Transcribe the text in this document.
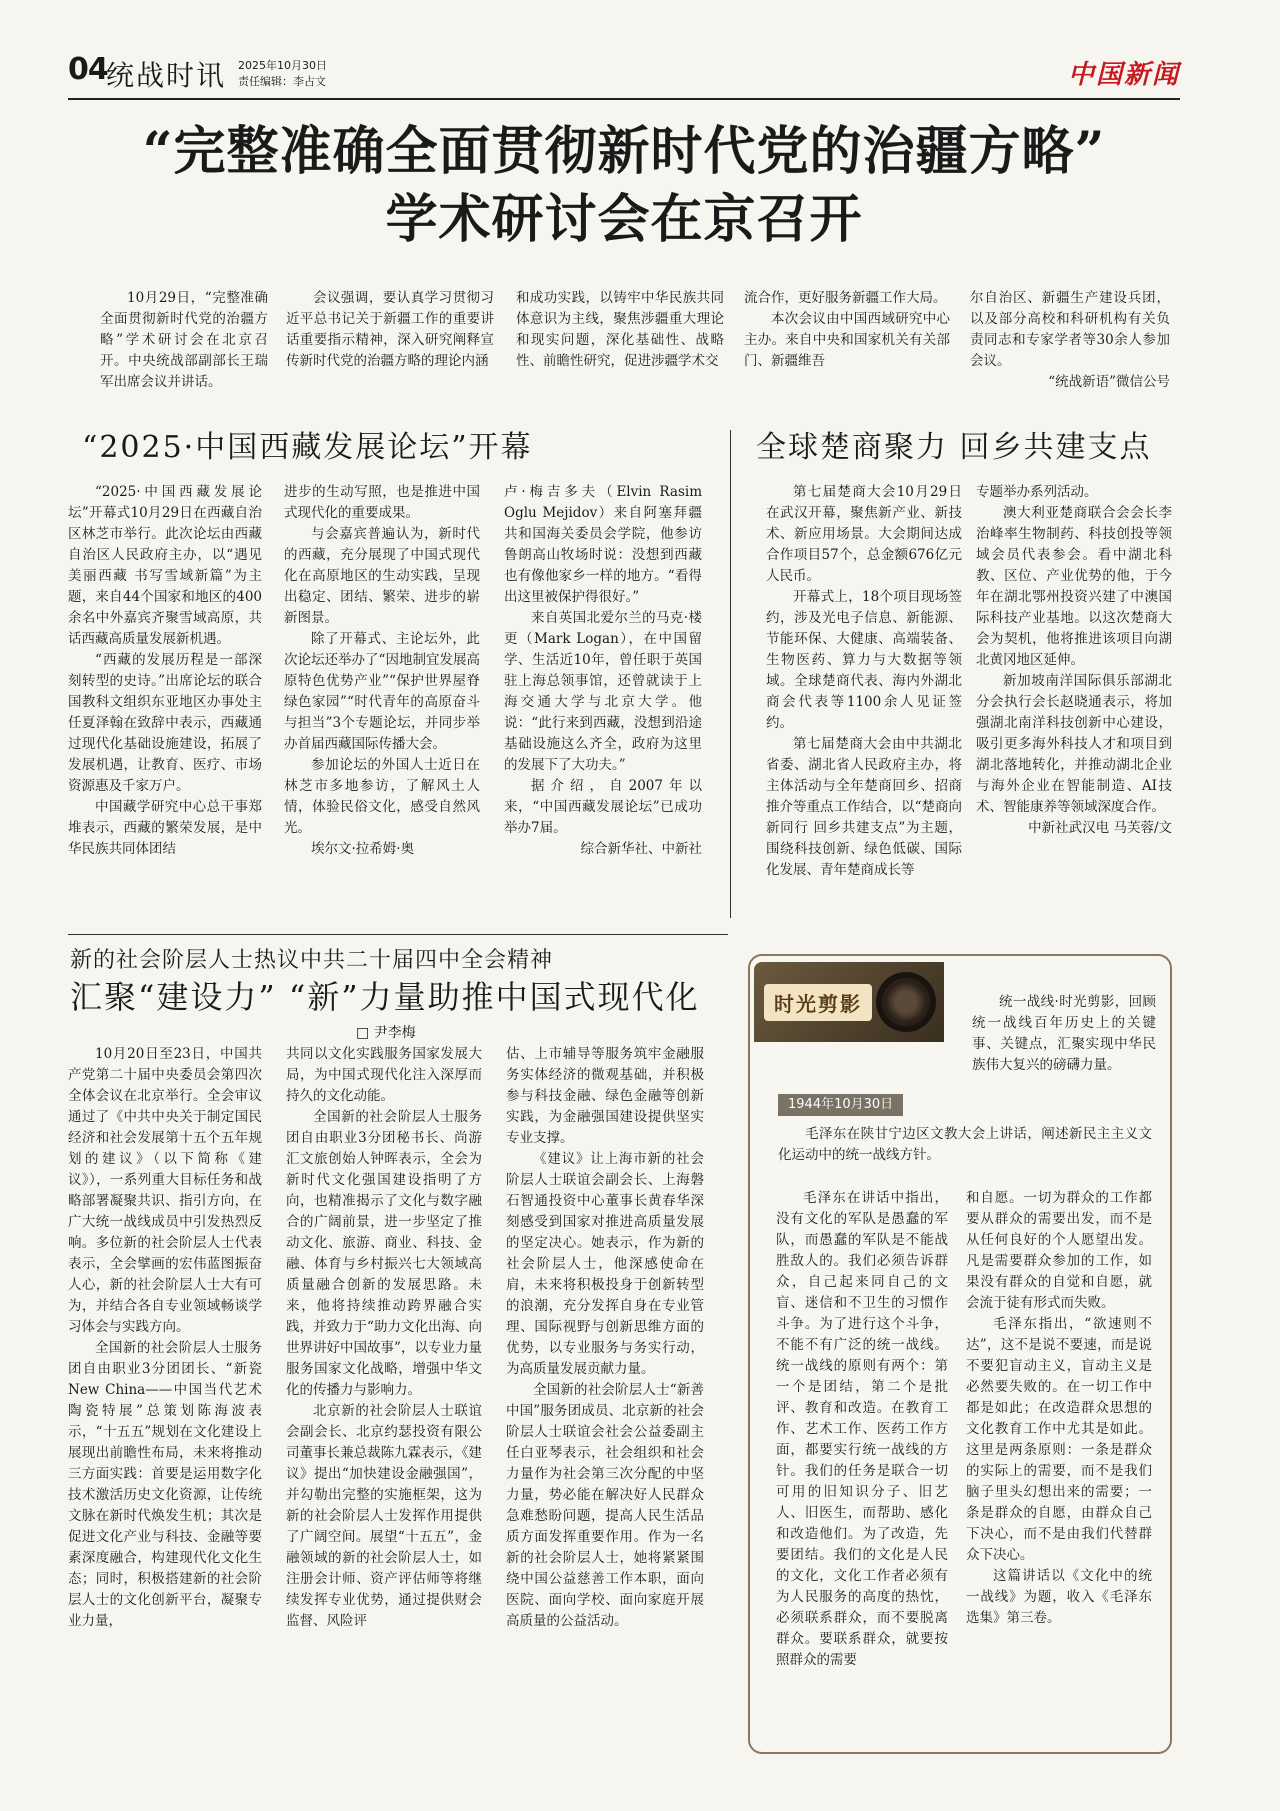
04
统战时讯 2025年10月30日
责任编辑：李占文	中国新闻
“完整准确全面贯彻新时代党的治疆方略”
学术研讨会在京召开

10月29日，“完整准确全面贯彻新时代党的治疆方略”学术研讨会在北京召开。中央统战部副部长王瑞军出席会议并讲话。

会议强调，要认真学习贯彻习近平总书记关于新疆工作的重要讲话重要指示精神，深入研究阐释宣传新时代党的治疆方略的理论内涵

和成功实践，以铸牢中华民族共同体意识为主线，聚焦涉疆重大理论和现实问题，深化基础性、战略性、前瞻性研究，促进涉疆学术交

流合作，更好服务新疆工作大局。

本次会议由中国西域研究中心主办。来自中央和国家机关有关部门、新疆维吾

尔自治区、新疆生产建设兵团，以及部分高校和科研机构有关负责同志和专家学者等30余人参加会议。

“统战新语”微信公号

“2025·中国西藏发展论坛”开幕

“2025·中国西藏发展论坛”开幕式10月29日在西藏自治区林芝市举行。此次论坛由西藏自治区人民政府主办，以“遇见美丽西藏 书写雪域新篇”为主题，来自44个国家和地区的400余名中外嘉宾齐聚雪域高原，共话西藏高质量发展新机遇。

“西藏的发展历程是一部深刻转型的史诗。”出席论坛的联合国教科文组织东亚地区办事处主任夏泽翰在致辞中表示，西藏通过现代化基础设施建设，拓展了发展机遇，让教育、医疗、市场资源惠及千家万户。

中国藏学研究中心总干事郑堆表示，西藏的繁荣发展，是中华民族共同体团结

进步的生动写照，也是推进中国式现代化的重要成果。

与会嘉宾普遍认为，新时代的西藏，充分展现了中国式现代化在高原地区的生动实践，呈现出稳定、团结、繁荣、进步的崭新图景。

除了开幕式、主论坛外，此次论坛还举办了“因地制宜发展高原特色优势产业”“保护世界屋脊绿色家园”“时代青年的高原奋斗与担当”3个专题论坛，并同步举办首届西藏国际传播大会。

参加论坛的外国人士近日在林芝市多地参访，了解风土人情，体验民俗文化，感受自然风光。

埃尔文·拉希姆·奥

卢·梅吉多夫（Elvin Rasim Oglu Mejidov）来自阿塞拜疆共和国海关委员会学院，他参访鲁朗高山牧场时说：没想到西藏也有像他家乡一样的地方。“看得出这里被保护得很好。”

来自英国北爱尔兰的马克·楼更（Mark Logan），在中国留学、生活近10年，曾任职于英国驻上海总领事馆，还曾就读于上海交通大学与北京大学。他说：“此行来到西藏，没想到沿途基础设施这么齐全，政府为这里的发展下了大功夫。”

据介绍，自2007年以来，“中国西藏发展论坛”已成功举办7届。

综合新华社、中新社

全球楚商聚力 回乡共建支点

第七届楚商大会10月29日在武汉开幕，聚焦新产业、新技术、新应用场景。大会期间达成合作项目57个，总金额676亿元人民币。

开幕式上，18个项目现场签约，涉及光电子信息、新能源、节能环保、大健康、高端装备、生物医药、算力与大数据等领域。全球楚商代表、海内外湖北商会代表等1100余人见证签约。

第七届楚商大会由中共湖北省委、湖北省人民政府主办，将主体活动与全年楚商回乡、招商推介等重点工作结合，以“楚商向新同行 回乡共建支点”为主题，围绕科技创新、绿色低碳、国际化发展、青年楚商成长等

专题举办系列活动。

澳大利亚楚商联合会会长李治峰率生物制药、科技创投等领域会员代表参会。看中湖北科教、区位、产业优势的他，于今年在湖北鄂州投资兴建了中澳国际科技产业基地。以这次楚商大会为契机，他将推进该项目向湖北黄冈地区延伸。

新加坡南洋国际俱乐部湖北分会执行会长赵晓通表示，将加强湖北南洋科技创新中心建设，吸引更多海外科技人才和项目到湖北落地转化，并推动湖北企业与海外企业在智能制造、AI技术、智能康养等领域深度合作。

中新社武汉电 马芙蓉/文

新的社会阶层人士热议中共二十届四中全会精神
汇聚“建设力” “新”力量助推中国式现代化
□ 尹李梅

10月20日至23日，中国共产党第二十届中央委员会第四次全体会议在北京举行。全会审议通过了《中共中央关于制定国民经济和社会发展第十五个五年规划的建议》（以下简称《建议》），一系列重大目标任务和战略部署凝聚共识、指引方向，在广大统一战线成员中引发热烈反响。多位新的社会阶层人士代表表示，全会擘画的宏伟蓝图振奋人心，新的社会阶层人士大有可为，并结合各自专业领域畅谈学习体会与实践方向。

全国新的社会阶层人士服务团自由职业3分团团长、“新瓷New China——中国当代艺术陶瓷特展”总策划陈海波表示，“十五五”规划在文化建设上展现出前瞻性布局，未来将推动三方面实践：首要是运用数字化技术激活历史文化资源，让传统文脉在新时代焕发生机；其次是促进文化产业与科技、金融等要素深度融合，构建现代化文化生态；同时，积极搭建新的社会阶层人士的文化创新平台，凝聚专业力量，

共同以文化实践服务国家发展大局，为中国式现代化注入深厚而持久的文化动能。

全国新的社会阶层人士服务团自由职业3分团秘书长、尚游汇文旅创始人钟晖表示，全会为新时代文化强国建设指明了方向，也精准揭示了文化与数字融合的广阔前景，进一步坚定了推动文化、旅游、商业、科技、金融、体育与乡村振兴七大领域高质量融合创新的发展思路。未来，他将持续推动跨界融合实践，并致力于“助力文化出海、向世界讲好中国故事”，以专业力量服务国家文化战略，增强中华文化的传播力与影响力。

北京新的社会阶层人士联谊会副会长、北京约瑟投资有限公司董事长兼总裁陈九霖表示，《建议》提出“加快建设金融强国”，并勾勒出完整的实施框架，这为新的社会阶层人士发挥作用提供了广阔空间。展望“十五五”，金融领域的新的社会阶层人士，如注册会计师、资产评估师等将继续发挥专业优势，通过提供财会监督、风险评

估、上市辅导等服务筑牢金融服务实体经济的微观基础，并积极参与科技金融、绿色金融等创新实践，为金融强国建设提供坚实专业支撑。

《建议》让上海市新的社会阶层人士联谊会副会长、上海磐石智通投资中心董事长黄春华深刻感受到国家对推进高质量发展的坚定决心。她表示，作为新的社会阶层人士，他深感使命在肩，未来将积极投身于创新转型的浪潮，充分发挥自身在专业管理、国际视野与创新思维方面的优势，以专业服务与务实行动，为高质量发展贡献力量。

全国新的社会阶层人士“新善中国”服务团成员、北京新的社会阶层人士联谊会社会公益委副主任白亚琴表示，社会组织和社会力量作为社会第三次分配的中坚力量，势必能在解决好人民群众急难愁盼问题，提高人民生活品质方面发挥重要作用。作为一名新的社会阶层人士，她将紧紧围绕中国公益慈善工作本职，面向医院、面向学校、面向家庭开展高质量的公益活动。

时光剪影	统一战线·时光剪影，回顾统一战线百年历史上的关键事、关键点，汇聚实现中华民族伟大复兴的磅礴力量。

1944年10月30日

毛泽东在陕甘宁边区文教大会上讲话，阐述新民主主义文化运动中的统一战线方针。

毛泽东在讲话中指出，没有文化的军队是愚蠢的军队，而愚蠢的军队是不能战胜敌人的。我们必须告诉群众，自己起来同自己的文盲、迷信和不卫生的习惯作斗争。为了进行这个斗争，不能不有广泛的统一战线。统一战线的原则有两个：第一个是团结，第二个是批评、教育和改造。在教育工作、艺术工作、医药工作方面，都要实行统一战线的方针。我们的任务是联合一切可用的旧知识分子、旧艺人、旧医生，而帮助、感化和改造他们。为了改造，先要团结。我们的文化是人民的文化，文化工作者必须有为人民服务的高度的热忱，必须联系群众，而不要脱离群众。要联系群众，就要按照群众的需要

和自愿。一切为群众的工作都要从群众的需要出发，而不是从任何良好的个人愿望出发。凡是需要群众参加的工作，如果没有群众的自觉和自愿，就会流于徒有形式而失败。

毛泽东指出，“欲速则不达”，这不是说不要速，而是说不要犯盲动主义，盲动主义是必然要失败的。在一切工作中都是如此；在改造群众思想的文化教育工作中尤其是如此。这里是两条原则：一条是群众的实际上的需要，而不是我们脑子里头幻想出来的需要；一条是群众的自愿，由群众自己下决心，而不是由我们代替群众下决心。

这篇讲话以《文化中的统一战线》为题，收入《毛泽东选集》第三卷。
